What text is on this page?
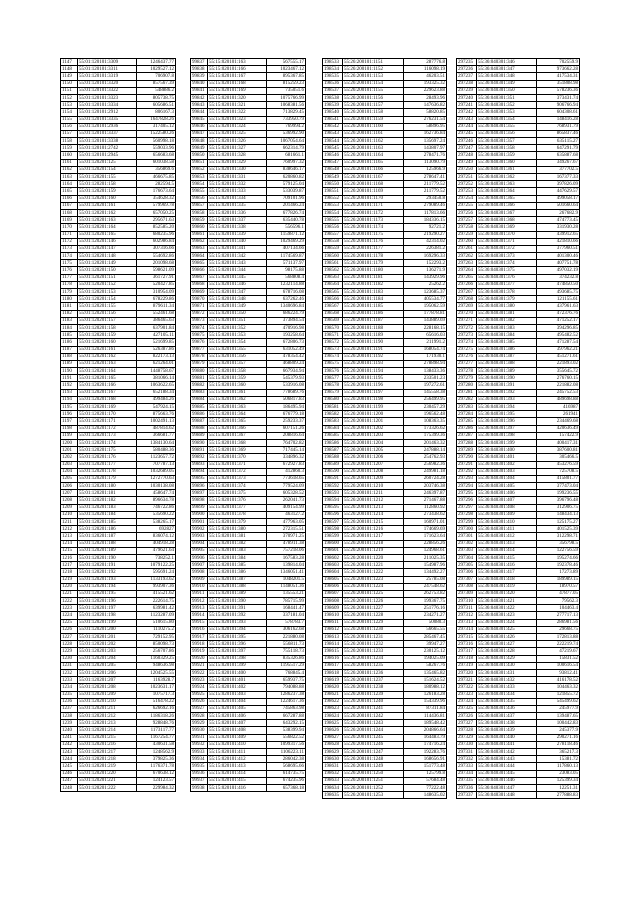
1147	55:01:120101:3309	1246437.77
1148	55:01:120101:3311	1029527.12
1149	55:01:120101:3319	706907.8
1150	55:01:120101:3320	857567.39
1151	55:01:120101:3322	548886.2
1152	55:01:120101:3323	805738.75
1153	55:01:120101:3334	605686.51
1154	55:01:120101:2912	806167.3
1155	55:01:120101:3335	1647828.26
1156	55:01:120101:2936	317405.12
1157	55:01:120101:3337	1522580.26
1158	55:01:120101:3338	560998.18
1159	55:01:120101:2742	559033.96
1160	55:01:120101:2945	656683.68
1161	55:01:120201:125	601038.58
1162	55:01:120201:154	356869.6
1163	55:01:120201:155	466675.85
1164	55:01:120201:158	282594.5
1165	55:01:120201:159	176673.64
1166	55:01:120201:160	354628.32
1167	55:01:120201:161	579969.78
1168	55:01:120201:162	657050.25
1169	55:01:120201:163	295671.63
1170	55:01:120201:164	852585.20
1171	55:01:120201:165	680235.96
1172	55:01:120201:146	602986.84
1173	55:01:120201:147	307316.66
1174	55:01:120201:148	554692.86
1175	55:01:120201:149	201098.68
1176	55:01:120201:150	598621.09
1177	55:01:120201:151	361727.91
1178	55:01:120201:152	520427.85
1179	55:01:120201:153	310954.09
1180	55:01:120201:154	678229.86
1181	55:01:120201:155	879611.34
1182	55:01:120201:156	552461.68
1183	55:01:120201:157	386465.63
1184	55:01:120201:158	637901.84
1185	55:01:120201:159	427105.11
1186	55:01:120201:160	521699.85
1187	55:01:120201:161	526387.86
1188	55:01:120201:162	822173.13
1189	55:01:120201:163	621264.01
1190	55:01:120201:164	1448758.67
1191	55:01:120201:165	381066.14
1192	55:01:120201:166	1063622.65
1193	55:01:120201:167	652188.34
1194	55:01:120201:168	499484.26
1195	55:01:120201:169	547924.15
1196	55:01:120201:170	875663.76
1197	55:01:120201:171	1002491.13
1198	55:01:120201:172	487814.62
1199	55:01:120201:173	366681.77
1200	55:01:120201:174	1384130.64
1201	55:01:120201:175	580488.36
1202	55:01:120201:176	1123657.72
1203	55:01:120201:177	707787.13
1204	55:01:120201:178	1032689.05
1205	55:01:120201:179	1272770.63
1206	55:01:120201:180	1030138.08
1207	55:01:120201:181	458647.74
1208	55:01:120201:182	896634.78
1209	55:01:120201:183	746722.86
1210	55:01:120201:184	535690.22
1211	55:01:120201:185	538265.17
1212	55:01:120201:186	692827
1213	55:01:120201:187	836074.12
1214	55:01:120201:188	404918.28
1215	55:01:120201:189	479621.64
1216	55:01:120201:190	738252.1
1217	55:01:120201:191	1079122.25
1218	55:01:120201:192	595691.24
1219	55:01:120201:193	1133193.62
1220	55:01:120201:194	993907.36
1221	55:01:120201:195	415521.62
1222	55:01:120201:196	222614.75
1223	55:01:120201:197	639981.42
1224	55:01:120201:198	1123287.09
1225	55:01:120201:199	510615.80
1226	55:01:120201:200	1110275.2
1227	55:01:120201:201	729152.95
1228	55:01:120201:202	850098.73
1229	55:01:120201:203	256707.86
1230	55:01:120201:204	1160329.25
1231	55:01:120201:205	948636.98
1232	55:01:120201:206	1204525.55
1233	55:01:120201:207	1163928.7
1234	55:01:120201:208	1023631.17
1235	55:01:120201:209	1075717.3
1236	55:01:120201:210	516478.22
1237	55:01:120201:211	626692.16
1238	55:01:120201:212	1186318.26
1239	55:01:120201:213	928848.76
1240	55:01:120201:214	1173117.77
1241	55:01:120201:215	1167254.77
1242	55:01:120201:216	430631.58
1243	55:01:120201:217	1248562.9
1244	55:01:120201:218	379825.36
1245	55:01:120201:219	1176371.78
1246	55:01:120201:220	670638.12
1247	55:01:120201:221	124123.57
1248	55:01:120201:222	229984.32
99837	55:15:020101:163	567555.17
99838	55:15:020101:166	1023467.12
99839	55:15:020101:167	895367.85
99840	55:15:020101:168	815259.23
99841	55:15:020101:169	735051.6
99842	55:15:020101:320	1075766.99
99843	55:15:020101:321	1068381.56
99844	55:15:020101:322	713829.45
99845	55:15:020101:323	733950.79
99846	55:15:020101:324	769994.2
99847	55:15:020101:325	536992.90
99848	55:15:020101:326	1067054.64
99849	55:15:020101:327	662314.79
99850	55:15:020101:328	681661.1
99851	55:15:020101:329	760997.32
99852	55:15:020101:330	838646.17
99853	55:15:020101:331	620860.82
99854	55:15:020101:332	579125.04
99855	55:15:020101:333	533039.87
99856	55:15:020101:334	709101.96
99857	55:15:020101:335	201466.24
99858	55:15:020101:336	677826.74
99859	55:15:020101:337	635440.78
99860	55:15:020101:338	556596.1
99861	55:15:020101:339	1159871.12
99862	55:15:020101:340	1029469.29
99863	55:15:020101:341	407134.66
99864	55:15:020101:342	1174569.87
99865	55:15:020101:343	571137.97
99866	55:15:020101:344	98175.88
99867	55:15:020101:345	568808.4
99868	55:15:020101:346	1232114.88
99869	55:15:020101:347	678716.08
99870	55:15:020101:348	637262.46
99871	55:15:020101:349	1340696.84
99872	55:15:020101:350	686224.79
99873	55:15:020101:351	373894.54
99874	55:15:020101:352	470916.98
99875	55:15:020101:353	193258.64
99876	55:15:020101:354	672806.73
99877	55:15:020101:355	631052.49
99878	55:15:020101:356	478354.42
99879	55:15:020101:357	468809.24
99880	55:15:020101:358	667934.94
99881	55:15:020101:359	545379.93
99882	55:15:020101:360	533916.08
99883	55:15:020101:361	778689.76
99884	55:15:020101:362	506817.83
99885	55:15:020101:363	186495.94
99886	55:15:020101:364	676779.18
99887	55:15:020101:365	259233.37
99888	55:15:020101:366	607151.26
99889	55:15:020101:367	208816.64
99890	55:15:020101:368	764702.82
99891	55:15:020101:369	717445.14
99892	55:15:020101:370	334896.32
99893	55:15:020101:371	672927.83
99894	55:15:020101:372	412860.3
99895	55:15:020101:373	773618.65
99896	55:15:020101:374	779524.09
99897	55:15:020101:375	605328.52
99898	55:15:020101:376	262041.73
99899	55:15:020101:377	409154.99
99900	55:15:020101:378	463127.2
99901	55:15:020101:379	477963.05
99902	55:15:020101:380	272315.51
99903	55:15:020101:381	370971.25
99904	55:15:020101:382	478911.38
99905	55:15:020101:383	757218.06
99906	55:15:020101:384	167583.28
99907	55:15:020101:385	139814.04
99908	55:15:020101:386	1346051.41
99909	55:15:020101:387	1048201.5
99910	55:15:020101:388	1148051.36
99911	55:15:020101:389	135553.21
99912	55:15:020101:390	785715.99
99913	55:15:020101:391	168441.47
99914	55:15:020101:392	337181.04
99915	55:15:020101:393	578783.7
99916	55:15:020101:394	306162.68
99917	55:15:020101:395	221880.08
99918	55:15:020101:396	556811.73
99919	55:15:020101:397	755118.73
99920	55:15:020101:398	835326.86
99921	55:15:020101:399	1195517.29
99922	55:15:020101:400	768845.4
99923	55:15:020101:401	659937.75
99924	55:15:020101:402	794088.88
99925	55:15:020101:403	1286237.38
99926	55:15:020101:404	1224617.36
99927	55:15:020101:405	745863.98
99928	55:15:020101:406	667287.88
99929	55:15:020101:407	643292.15
99930	55:15:020101:408	538399.94
99931	55:15:020101:409	556822.52
99932	55:15:020101:410	1099317.56
99933	55:15:020101:411	1106223.11
99934	55:15:020101:412	286042.38
99935	55:15:020101:413	568695.66
99936	55:15:020101:414	614735.75
99937	55:15:020101:415	674235.96
99938	55:15:020101:416	657368.18
198533	55:26:200101:1151	287776.8
198534	55:26:200101:1152	116098.19
198535	55:26:200101:1153	46203.51
198536	55:26:200101:1154	193325.32
198537	55:26:200101:1155	229623.88
198538	55:26:200101:1156	28493.96
198539	55:26:200101:1157	147636.82
198540	55:26:200101:1158	58820.85
198541	55:26:200101:1159	276231.54
198542	55:26:200101:1160	58896.95
198543	55:26:200101:1161	162736.84
198544	55:26:200101:1162	135697.24
198545	55:26:200101:1163	143807.97
198546	55:26:200101:1164	278471.76
198547	55:26:200101:1165	113090.79
198548	55:26:200101:1166	125966.9
198549	55:26:200101:1167	278647.41
198550	55:26:200101:1168	211779.52
198551	55:26:200101:1169	211779.52
198552	55:26:200101:1170	293450.8
198553	55:26:200101:1171	279089.46
198554	55:26:200101:1172	117813.66
198555	55:26:200101:1173	184336.15
198556	55:26:200101:1174	92721.2
198557	55:26:200101:1175	219290.27
198558	55:26:200101:1176	42314.02
198559	55:26:200101:1177	226381.2
198560	55:26:200101:1178	169296.33
198561	55:26:200101:1179	152293.2
198562	55:26:200101:1180	136271.9
198563	55:26:200101:1181	143929.96
198564	55:26:200101:1182	25262.2
198565	55:26:200101:1183	123685.37
198566	55:26:200101:1184	405534.77
198567	55:26:200101:1185	195062.59
198568	55:26:200101:1186	177878.81
198569	55:26:200101:1187	143889.69
198570	55:26:200101:1188	228168.15
198571	55:26:200101:1189	65616.03
198572	55:26:200101:1190	211991.2
198573	55:26:200101:1191	168054.74
198574	55:26:200101:1192	171930.1
198575	55:26:200101:1193	278898.94
198576	55:26:200101:1194	138433.36
198577	55:26:200101:1195	233501.23
198578	55:26:200101:1196	197272.61
198579	55:26:200101:1197	145558.38
198580	55:26:200101:1198	256499.95
198581	55:26:200101:1199	230457.29
198582	55:26:200101:1200	196562.48
198583	55:26:200101:1201	108363.35
198584	55:26:200101:1202	173326.62
198585	55:26:200101:1203	175399.36
198586	55:26:200101:1204	201463.32
198587	55:26:200101:1205	247888.14
198588	55:26:200101:1206	254762.93
198589	55:26:200101:1207	256982.36
198590	55:26:200101:1208	249981.18
198591	55:26:200101:1209	260724.28
198592	55:26:200101:1210	203746.38
198593	55:26:200101:1211	246397.87
198594	55:26:200101:1212	271467.88
198595	55:26:200101:1213	112860.92
198596	55:26:200101:1214	273438.62
198597	55:26:200101:1215	160971.01
198598	55:26:200101:1216	174669.69
198599	55:26:200101:1217	171623.64
198600	55:26:200101:1218	228856.26
198601	55:26:200101:1219	124968.61
198602	55:26:200101:1220	211025.35
198603	55:26:200101:1221	154987.96
198604	55:26:200101:1222	134492.27
198605	55:26:200101:1223	25785.08
198606	55:26:200101:1224	247548.62
198607	55:26:200101:1225	262753.82
198608	55:26:200101:1226	199367.75
198609	55:26:200101:1227	251776.16
198610	55:26:200101:1228	234271.27
198611	55:26:200101:1229	50080.3
198612	55:26:200101:1230	56665.55
198613	55:26:200101:1231	285467.45
198614	55:26:200101:1232	39947.27
198615	55:26:200101:1233	230125.12
198616	55:26:200101:1234	194025.09
198617	55:26:200101:1235	58267.76
198618	55:26:200101:1236	135465.82
198619	55:26:200101:1237	151624.52
198620	55:26:200101:1238	180988.12
198621	55:26:200101:1239	126183.28
198622	55:26:200101:1240	154339.96
198623	55:26:200101:1241	87311.84
198624	55:26:200101:1242	114436.81
198625	55:26:200101:1243	189548.42
198626	55:26:200101:1244	204866.64
198627	55:26:200101:1245	164483.79
198628	55:26:200101:1246	174716.24
198629	55:26:200101:1247	192283.76
198630	55:26:200101:1248	168656.91
198631	55:26:200101:1249	151773.48
198632	55:26:200101:1250	125799.8
198633	55:26:200101:1251	57684.48
198634	55:26:200101:1252	77222.48
198635	55:26:200101:1253	148635.02
297235	55:36:040301:346	702559.9
297236	55:36:040301:347	973662.28
297237	55:36:040301:348	417534.31
297238	55:36:040301:349	351808.98
297239	55:36:040301:350	578236.36
297240	55:36:040301:351	373431.74
297241	55:36:040301:352	906766.94
297242	55:36:040301:353	604308.61
297243	55:36:040301:354	148416.28
297244	55:36:040301:355	768931.79
297245	55:36:040301:356	865837.46
297246	55:36:040301:357	635115.27
297247	55:36:040301:358	647291.79
297248	55:36:040301:359	635887.68
297249	55:36:040301:360	349267.67
297250	55:36:040301:361	377702.5
297251	55:36:040301:362	167377.33
297252	55:36:040301:363	397826.09
297253	55:36:040301:364	447629.57
297254	55:36:040301:365	499058.17
297255	55:36:040301:366	501660.64
297256	55:36:040301:367	267682.9
297257	55:36:040301:368	474773.45
297258	55:36:040301:369	331930.28
297259	55:36:040301:370	439912.65
297260	55:36:040301:371	421810.66
297261	55:36:040301:372	377960.51
297262	55:36:040301:373	401300.46
297263	55:36:040301:374	407751.78
297264	55:36:040301:375	497032.19
297265	55:36:040301:376	374232.8
297266	55:36:040301:377	474850.50
297267	55:36:040301:378	493685.75
297268	55:36:040301:379	121155.61
297269	55:36:040301:380	437961.63
297270	55:36:040301:381	472376.76
297271	55:36:040301:382	471252.17
297272	55:36:040301:383	394296.85
297273	55:36:040301:384	495482.52
297274	55:36:040301:385	471287.54
297275	55:36:040301:386	397962.21
297276	55:36:040301:387	451271.61
297277	55:36:040301:388	221893.02
297278	55:36:040301:389	355645.72
297279	55:36:040301:390	276760.15
297280	55:36:040301:391	221882.08
297281	55:36:040301:392	245752.53
297282	55:36:040301:393	489698.88
297283	55:36:040301:394	416987
297284	55:36:040301:395	261941
297285	55:36:040301:396	234469.68
297286	55:36:040301:397	420636.49
297287	55:36:040301:398	157422.9
297288	55:36:040301:399	400417.31
297289	55:36:040301:400	387600.81
297290	55:36:040301:401	305466.5
297291	55:36:040301:402	453276.59
297292	55:36:040301:403	725708.5
297293	55:36:040301:404	415801.77
297294	55:36:040301:405	377473.04
297295	55:36:040301:406	199236.55
297296	55:36:040301:407	396796.48
297297	55:36:040301:408	312906.75
297298	55:36:040301:409	148434.13
297299	55:36:040301:410	125175.27
297300	55:36:040301:411	401525.39
297301	55:36:040301:412	312298.71
297302	55:36:040301:413	356798.5
297303	55:36:040301:414	122756.59
297304	55:36:040301:415	195274.66
297305	55:36:040301:416	192378.46
297306	55:36:040301:417	17273.89
297307	55:36:040301:418	189989.15
297308	55:36:040301:419	18970.57
297309	55:36:040301:420	47877.05
297310	55:36:040301:421	79562.3
297311	55:36:040301:422	104463.4
297312	55:36:040301:423	277717.13
297313	55:36:040301:424	286981.56
297314	55:36:040301:425	29668.75
297315	55:36:040301:426	172813.88
297316	55:36:040301:427	222219.74
297317	55:36:040301:428	47219.67
297318	55:36:040301:429	15831.52
297319	55:36:040301:430	100616.54
297320	55:36:040301:431	93812.41
297321	55:36:040301:432	416178.52
297322	55:36:040301:433	104463.32
297323	55:36:040301:434	121855.72
297324	55:36:040301:435	545499.62
297325	55:36:040301:436	245977.9
297326	55:36:040301:437	139487.65
297327	55:36:040301:438	100442.83
297328	55:36:040301:439	245377.9
297329	55:36:040301:440	290271.16
297330	55:36:040301:441	278118.46
297331	55:36:040301:442	365217.3
297332	55:36:040301:443	15381.72
297333	55:36:040301:444	117860.13
297334	55:36:040301:445	23083.05
297335	55:36:040301:446	125399.34
297336	55:36:040301:447	12251.31
297337	55:36:040301:448	277888.83
